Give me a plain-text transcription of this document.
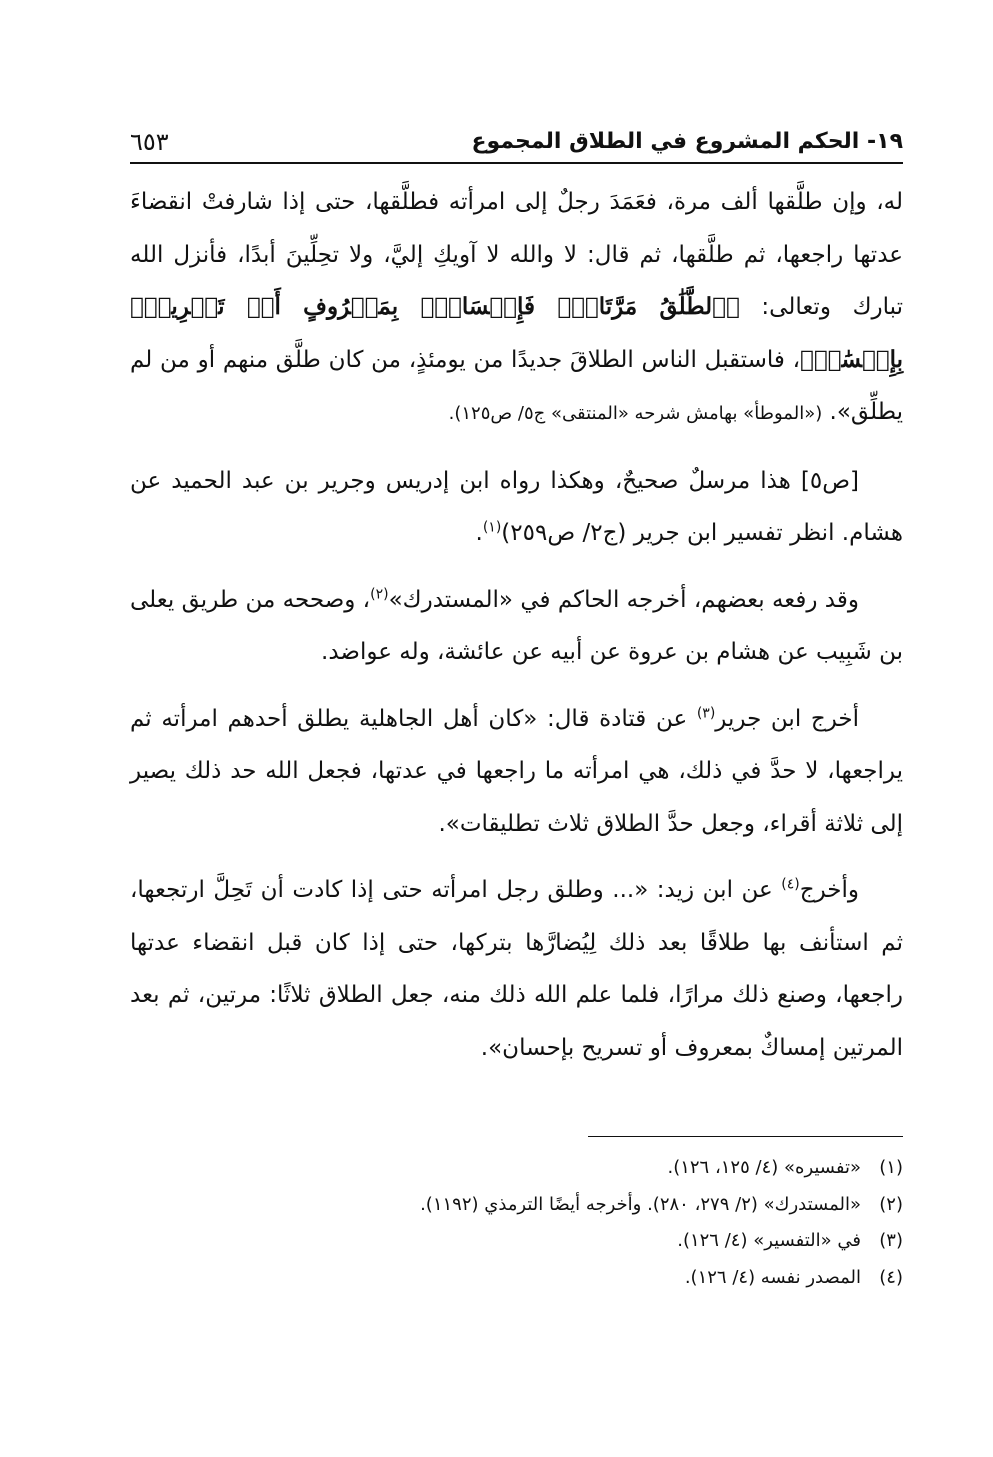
١٩- الحكم المشروع في الطلاق المجموع
٦٥٣

له، وإن طلَّقها ألف مرة، فعَمَدَ رجلٌ إلى امرأته فطلَّقها، حتى إذا شارفتْ انقضاءَ عدتها راجعها، ثم طلَّقها، ثم قال: لا والله لا آويكِ إليَّ، ولا تحِلِّينَ أبدًا، فأنزل الله تبارك وتعالى: ﴿ٱلطَّلَٰقُ مَرَّتَانِۖ فَإِمۡسَاكُۢ بِمَعۡرُوفٍ أَوۡ تَسۡرِيحُۢ بِإِحۡسَٰنٖ﴾، فاستقبل الناس الطلاقَ جديدًا من يومئذٍ، من كان طلَّق منهم أو من لم يطلِّق». («الموطأ» بهامش شرحه «المنتقى» ج٥/ ص١٢٥).

[ص٥] هذا مرسلٌ صحيحٌ، وهكذا رواه ابن إدريس وجرير بن عبد الحميد عن هشام. انظر تفسير ابن جرير (ج٢/ ص٢٥٩)$^{(١)}$.

وقد رفعه بعضهم، أخرجه الحاكم في «المستدرك»$^{(٢)}$، وصححه من طريق يعلى بن شَبِيب عن هشام بن عروة عن أبيه عن عائشة، وله عواضد.

أخرج ابن جرير$^{(٣)}$ عن قتادة قال: «كان أهل الجاهلية يطلق أحدهم امرأته ثم يراجعها، لا حدَّ في ذلك، هي امرأته ما راجعها في عدتها، فجعل الله حد ذلك يصير إلى ثلاثة أقراء، وجعل حدَّ الطلاق ثلاث تطليقات».

وأخرج$^{(٤)}$ عن ابن زيد: «... وطلق رجل امرأته حتى إذا كادت أن تَحِلَّ ارتجعها، ثم استأنف بها طلاقًا بعد ذلك لِيُضارَّها بتركها، حتى إذا كان قبل انقضاء عدتها راجعها، وصنع ذلك مرارًا، فلما علم الله ذلك منه، جعل الطلاق ثلاثًا: مرتين، ثم بعد المرتين إمساكٌ بمعروف أو تسريح بإحسان».

(١)«تفسيره» (٤/ ١٢٥، ١٢٦).
(٢)«المستدرك» (٢/ ٢٧٩، ٢٨٠). وأخرجه أيضًا الترمذي (١١٩٢).
(٣)في «التفسير» (٤/ ١٢٦).
(٤)المصدر نفسه (٤/ ١٢٦).
